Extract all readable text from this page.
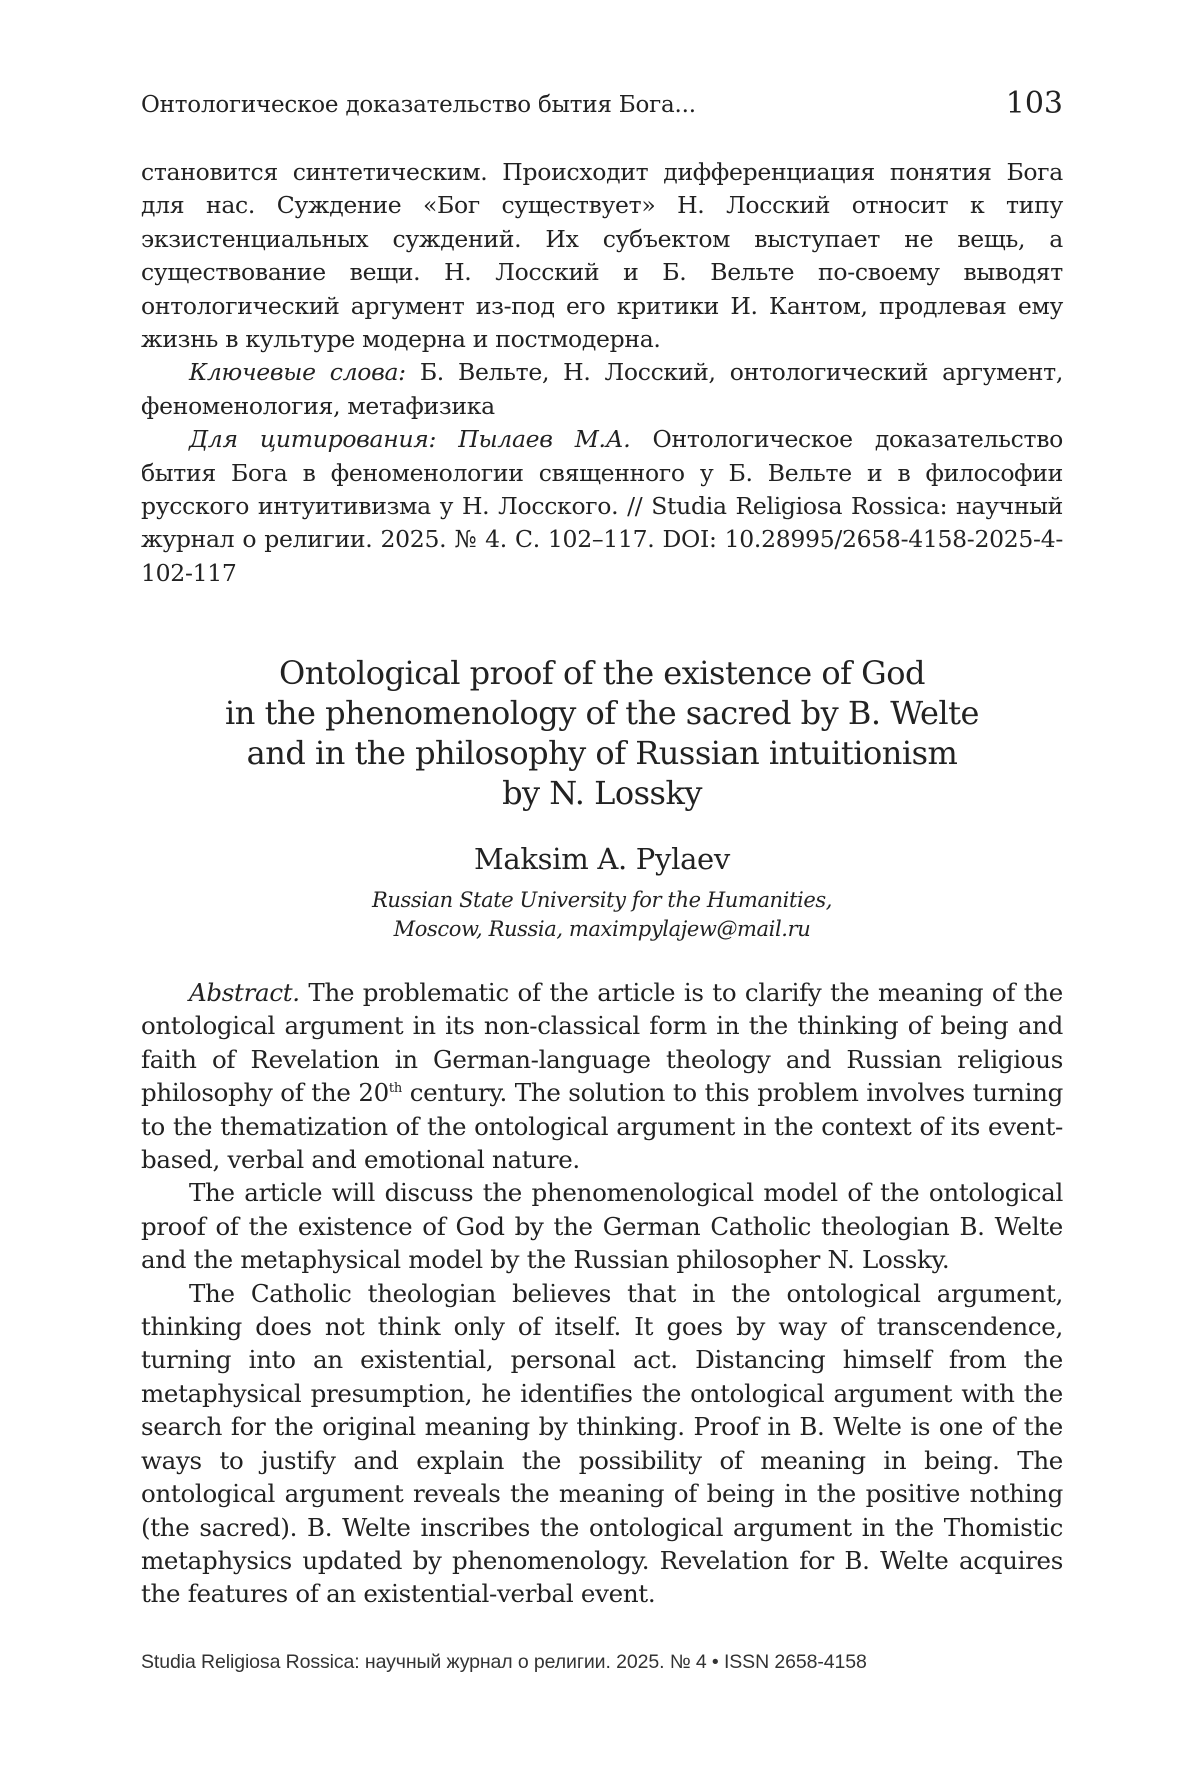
Онтологическое доказательство бытия Бога...	103

становится синтетическим. Происходит дифференциация понятия Бога для нас. Суждение «Бог существует» Н. Лосский относит к типу экзистенциальных суждений. Их субъектом выступает не вещь, а существование вещи. Н. Лосский и Б. Вельте по-своему выводят онтологический аргумент из-под его критики И. Кантом, продлевая ему жизнь в культуре модерна и постмодерна.

Ключевые слова: Б. Вельте, Н. Лосский, онтологический аргумент, феноменология, метафизика

Для цитирования: Пылаев М.А. Онтологическое доказательство бытия Бога в феноменологии священного у Б. Вельте и в философии русского интуитивизма у Н. Лосского. // Studia Religiosa Rossica: научный журнал о религии. 2025. № 4. С. 102–117. DOI: 10.28995/2658-4158-2025-4-102-117

Ontological proof of the existence of God
in the phenomenology of the sacred by B. Welte
and in the philosophy of Russian intuitionism
by N. Lossky
Maksim A. Pylaev
Russian State University for the Humanities,
Moscow, Russia, maximpylajew@mail.ru

Abstract. The problematic of the article is to clarify the meaning of the ontological argument in its non-classical form in the thinking of being and faith of Revelation in German-language theology and Russian religious philosophy of the 20th century. The solution to this problem involves turning to the thematization of the ontological argument in the context of its event-based, verbal and emotional nature.

The article will discuss the phenomenological model of the ontological proof of the existence of God by the German Catholic theologian B. Welte and the metaphysical model by the Russian philosopher N. Lossky.

The Catholic theologian believes that in the ontological argument, thinking does not think only of itself. It goes by way of transcendence, turning into an existential, personal act. Distancing himself from the metaphysical presumption, he identifies the ontological argument with the search for the original meaning by thinking. Proof in B. Welte is one of the ways to justify and explain the possibility of meaning in being. The ontological argument reveals the meaning of being in the positive nothing (the sacred). B. Welte inscribes the ontological argument in the Thomistic metaphysics updated by phenomenology. Revelation for B. Welte acquires the features of an existential-verbal event.

Studia Religiosa Rossica: научный журнал о религии. 2025. № 4 • ISSN 2658-4158
